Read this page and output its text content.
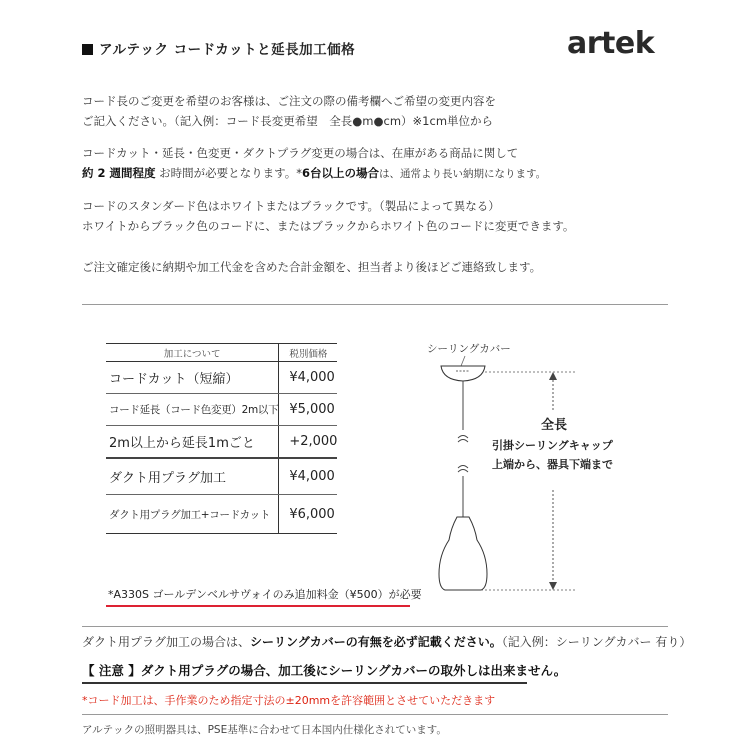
アルテック コードカットと延長加工価格	artek
コード長のご変更を希望のお客様は、ご注文の際の備考欄へご希望の変更内容を
ご記入ください。（記入例：コード長変更希望　全長●m●cm）※1cm単位から
コードカット・延長・色変更・ダクトプラグ変更の場合は、在庫がある商品に関して
約 2 週間程度 お時間が必要となります。*6台以上の場合は、通常より長い納期になります。
コードのスタンダード色はホワイトまたはブラックです。（製品によって異なる）
ホワイトからブラック色のコードに、またはブラックからホワイト色のコードに変更できます。
ご注文確定後に納期や加工代金を含めた合計金額を、担当者より後ほどご連絡致します。
加工について	税別価格
コードカット（短縮）	¥4,000
コード延長（コード色変更）2m以下	¥5,000
2m以上から延長1mごと	+2,000
ダクト用プラグ加工	¥4,000
ダクト用プラグ加工+コードカット	¥6,000
*A330S ゴールデンベルサヴォイのみ追加料金（¥500）が必要
シーリングカバー
全長
引掛シーリングキャップ
上端から、器具下端まで
ダクト用プラグ加工の場合は、シーリングカバーの有無を必ず記載ください。（記入例：シーリングカバー 有り）
【 注意 】ダクト用プラグの場合、加工後にシーリングカバーの取外しは出来ません。
*コード加工は、手作業のため指定寸法の±20mmを許容範囲とさせていただきます
アルテックの照明器具は、PSE基準に合わせて日本国内仕様化されています。
